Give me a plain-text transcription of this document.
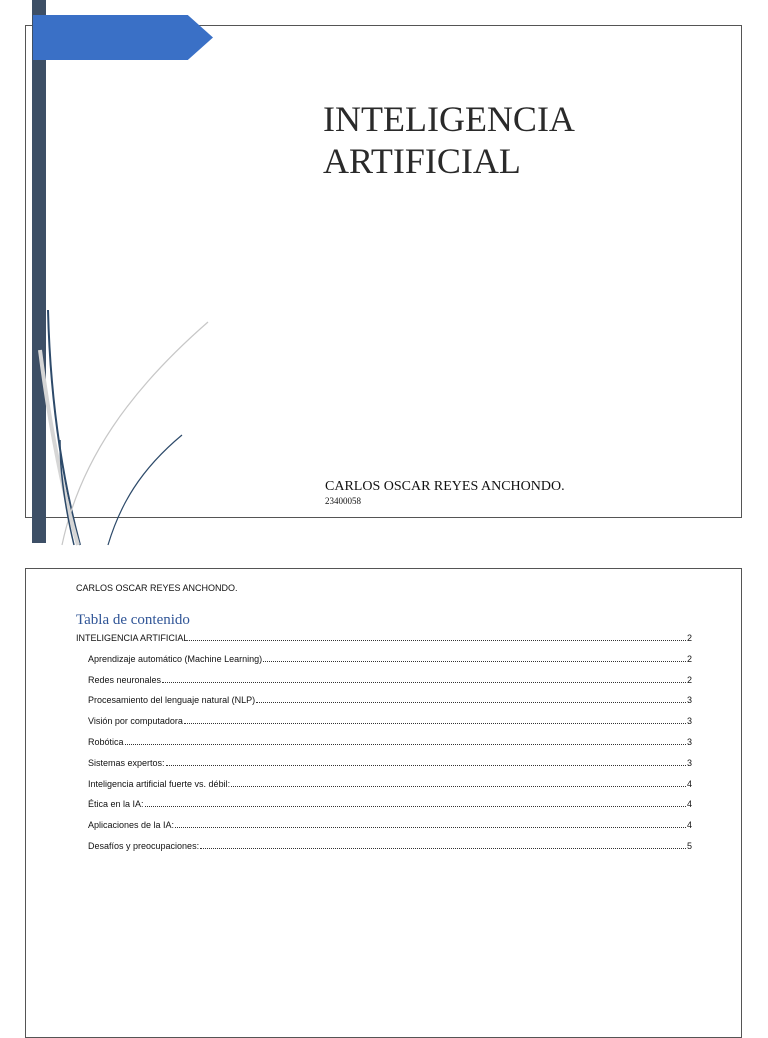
INTELIGENCIA
ARTIFICIAL
CARLOS OSCAR REYES ANCHONDO.
23400058
CARLOS OSCAR REYES ANCHONDO.
Tabla de contenido
INTELIGENCIA ARTIFICIAL	2
Aprendizaje automático (Machine Learning)	2
Redes neuronales	2
Procesamiento del lenguaje natural (NLP)	3
Visión por computadora	3
Robótica	3
Sistemas expertos:	3
Inteligencia artificial fuerte vs. débil:	4
Ética en la IA:	4
Aplicaciones de la IA:	4
Desafíos y preocupaciones:	5
